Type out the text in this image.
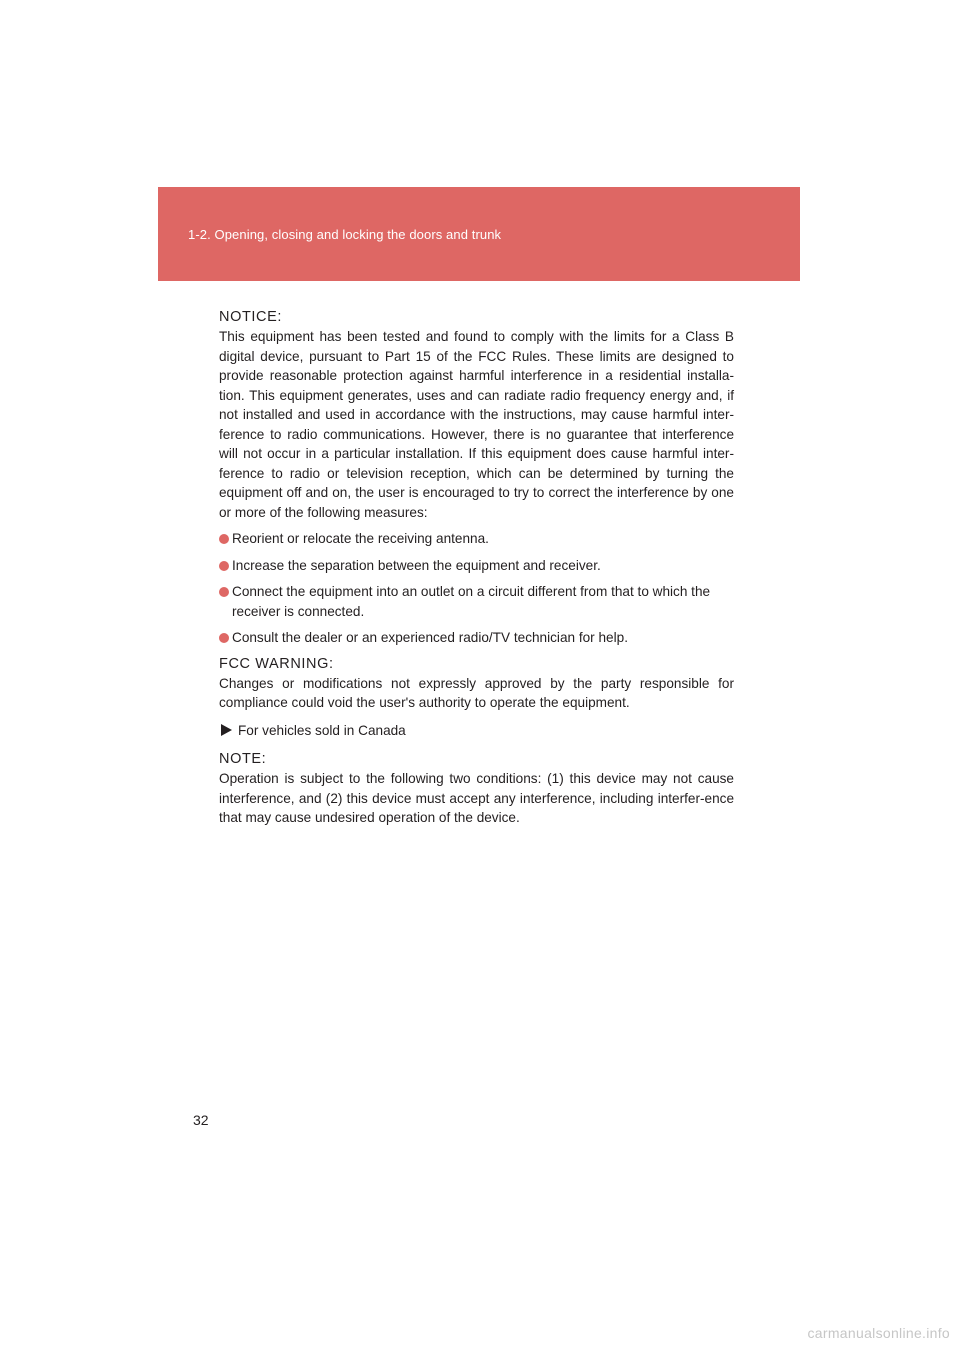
1-2. Opening, closing and locking the doors and trunk
NOTICE:

This equipment has been tested and found to comply with the limits for a Class B digital device, pursuant to Part 15 of the FCC Rules. These limits are designed to provide reasonable protection against harmful interference in a residential installa-tion. This equipment generates, uses and can radiate radio frequency energy and, if not installed and used in accordance with the instructions, may cause harmful inter-ference to radio communications. However, there is no guarantee that interference will not occur in a particular installation. If this equipment does cause harmful inter-ference to radio or television reception, which can be determined by turning the equipment off and on, the user is encouraged to try to correct the interference by one or more of the following measures:

Reorient or relocate the receiving antenna.
Increase the separation between the equipment and receiver.
Connect the equipment into an outlet on a circuit different from that to which the receiver is connected.
Consult the dealer or an experienced radio/TV technician for help.
FCC WARNING:

Changes or modifications not expressly approved by the party responsible for compliance could void the user's authority to operate the equipment.

For vehicles sold in Canada
NOTE:

Operation is subject to the following two conditions: (1) this device may not cause interference, and (2) this device must accept any interference, including interfer-ence that may cause undesired operation of the device.

32
carmanualsonline.info
